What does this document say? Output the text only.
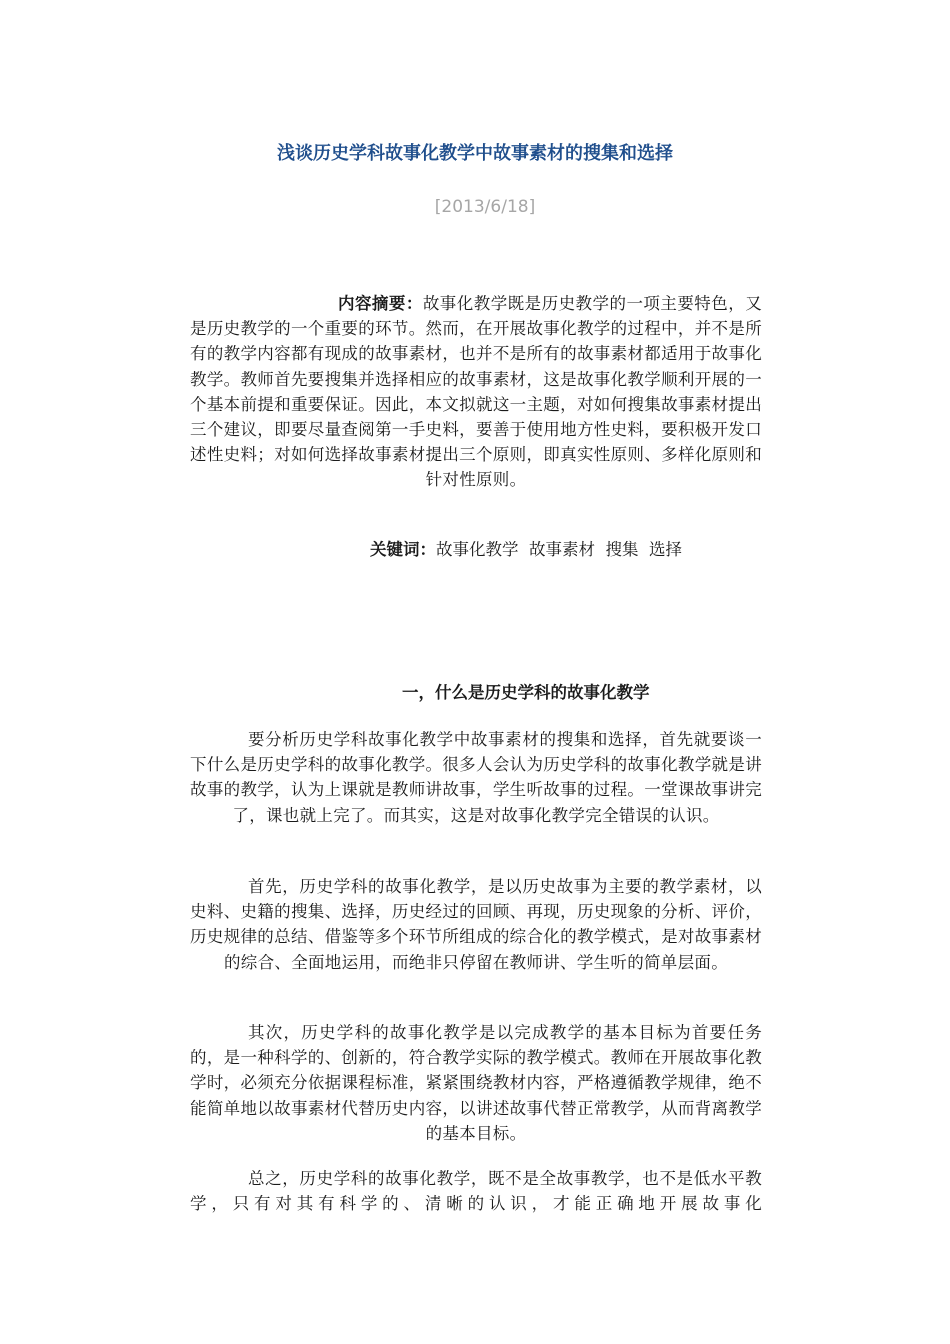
浅谈历史学科故事化教学中故事素材的搜集和选择
[2013/6/18]
内容摘要：故事化教学既是历史教学的一项主要特色，又是历史教学的一个重要的环节。然而，在开展故事化教学的过程中，并不是所有的教学内容都有现成的故事素材，也并不是所有的故事素材都适用于故事化教学。教师首先要搜集并选择相应的故事素材，这是故事化教学顺利开展的一个基本前提和重要保证。因此，本文拟就这一主题，对如何搜集故事素材提出三个建议，即要尽量查阅第一手史料，要善于使用地方性史料，要积极开发口述性史料；对如何选择故事素材提出三个原则，即真实性原则、多样化原则和针对性原则。
关键词：故事化教学  故事素材  搜集  选择
一，什么是历史学科的故事化教学
要分析历史学科故事化教学中故事素材的搜集和选择，首先就要谈一下什么是历史学科的故事化教学。很多人会认为历史学科的故事化教学就是讲故事的教学，认为上课就是教师讲故事，学生听故事的过程。一堂课故事讲完了，课也就上完了。而其实，这是对故事化教学完全错误的认识。
首先，历史学科的故事化教学，是以历史故事为主要的教学素材，以史料、史籍的搜集、选择，历史经过的回顾、再现，历史现象的分析、评价，历史规律的总结、借鉴等多个环节所组成的综合化的教学模式，是对故事素材的综合、全面地运用，而绝非只停留在教师讲、学生听的简单层面。
其次，历史学科的故事化教学是以完成教学的基本目标为首要任务的，是一种科学的、创新的，符合教学实际的教学模式。教师在开展故事化教学时，必须充分依据课程标准，紧紧围绕教材内容，严格遵循教学规律，绝不能简单地以故事素材代替历史内容，以讲述故事代替正常教学，从而背离教学的基本目标。
总之，历史学科的故事化教学，既不是全故事教学，也不是低水平教学，只有对其有科学的、清晰的认识，才能正确地开展故事化
